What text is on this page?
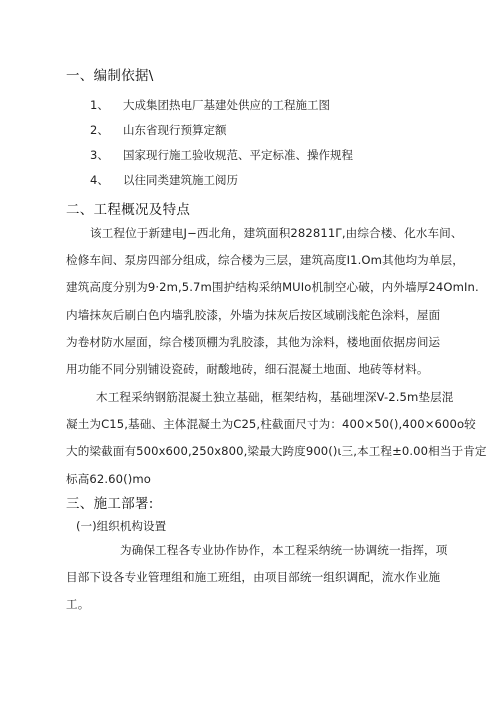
一、编制依据\
1、 大成集团热电厂基建处供应的工程施工图
2、 山东省现行预算定额
3、 国家现行施工验收规范、平定标准、操作规程
4、 以往同类建筑施工阅历
二、工程概况及特点
该工程位于新建电J−西北角，建筑面积282811Γ,由综合楼、化水车间、
检修车间、泵房四部分组成，综合楼为三层，建筑高度I1.Om其他均为单层，
建筑高度分别为9·2m,5.7m围护结构采纳MUIo机制空心破，内外墙厚24OmIn.
内墙抹灰后刷白色内墙乳胶漆，外墙为抹灰后按区域刷浅舵色涂料，屋面
为卷材防水屋面，综合楼顶棚为乳胶漆，其他为涂料，楼地面依据房间运
用功能不同分别铺设瓷砖，耐酸地砖，细石混凝土地面、地砖等材料。
木工程采纳钢筋混凝土独立基础，框架结构，基础埋深V-2.5m垫层混
凝土为C15,基础、主体混凝土为C25,柱截面尺寸为：400×50(),400×600o较
大的梁截面有500x600,250x800,梁最大跨度900()ι三,本工程±0.00相当于肯定
标高62.60()mo
三、施工部署:
(一)组织机构设置
为确保工程各专业协作协作，本工程采纳统一协调统一指挥，项
目部下设各专业管理组和施工班组，由项目部统一组织调配，流水作业施
工。
